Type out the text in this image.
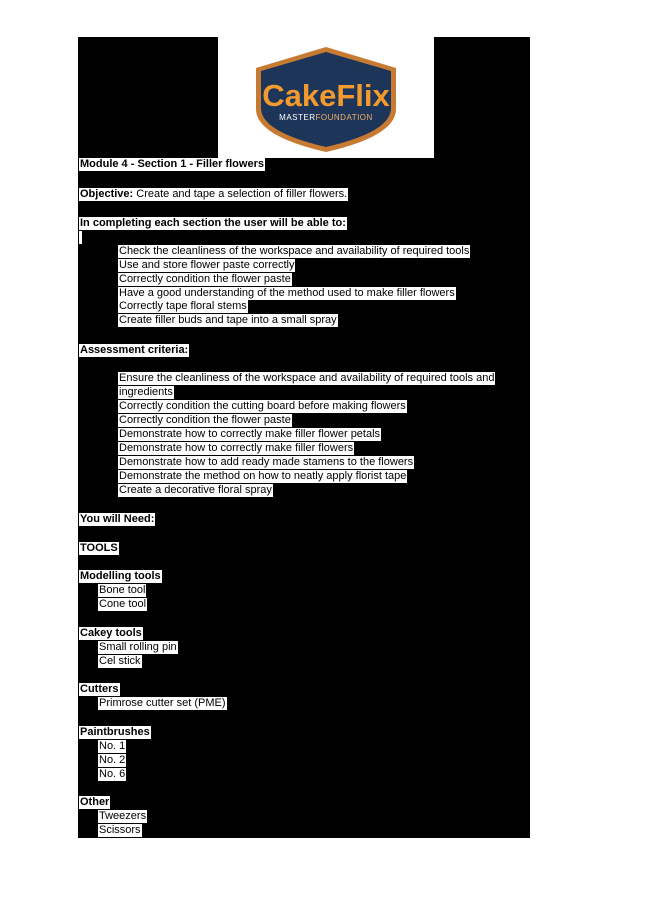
CakeFlix
MASTERFOUNDATION
Module 4 - Section 1 - Filler flowers
Objective: Create and tape a selection of filler flowers.
In completing each section the user will be able to:
Check the cleanliness of the workspace and availability of required tools
Use and store flower paste correctly
Correctly condition the flower paste
Have a good understanding of the method used to make filler flowers
Correctly tape floral stems
Create filler buds and tape into a small spray
Assessment criteria:
Ensure the cleanliness of the workspace and availability of required tools and
ingredients
Correctly condition the cutting board before making flowers
Correctly condition the flower paste
Demonstrate how to correctly make filler flower petals
Demonstrate how to correctly make filler flowers
Demonstrate how to add ready made stamens to the flowers
Demonstrate the method on how to neatly apply florist tape
Create a decorative floral spray
You will Need:
TOOLS
Modelling tools
Bone tool
Cone tool
Cakey tools
Small rolling pin
Cel stick
Cutters
Primrose cutter set (PME)
Paintbrushes
No. 1
No. 2
No. 6
Other
Tweezers
Scissors
